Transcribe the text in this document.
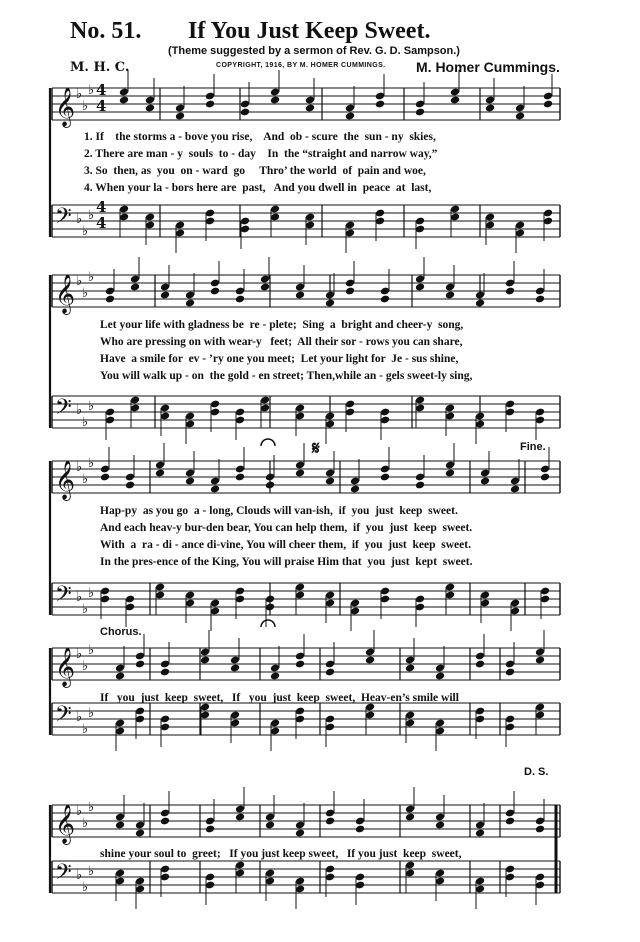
No. 51. If You Just Keep Sweet.
(Theme suggested by a sermon of Rev. G. D. Sampson.)
M. H. C.	COPYRIGHT, 1916, BY M. HOMER CUMMINGS. M. Homer Cummings.
𝄞 ♭
♭
♭
𝄢 ♭
♭
♭
𝄞 ♭
♭
♭
𝄢 ♭
♭
♭
𝄞 ♭
♭
♭
𝄢 ♭
♭
♭
𝄞 ♭
♭
♭
𝄢 ♭
♭
♭
𝄞 ♭
♭
♭
𝄢 ♭
♭
♭
4
4
4
4
1. If    the storms a - bove you rise,    And  ob - scure  the  sun - ny  skies,
2. There are man - y  souls  to - day    In  the “straight and narrow way,”
3. So  then, as  you  on - ward  go     Thro’ the world  of  pain and woe,
4. When your la - bors here are  past,   And you dwell in  peace  at  last,
Let your life with gladness be  re - plete;  Sing  a  bright and cheer-y  song,
Who are pressing on with wear-y   feet;  All their sor - rows you can share,
Have  a smile for  ev - ’ry one you meet;  Let your light for  Je - sus shine,
You will walk up - on  the gold - en street; Then,while an - gels sweet-ly sing,
Hap-py  as you go  a - long, Clouds will van-ish,  if  you  just  keep  sweet.
And each heav-y bur-den bear, You can help them,  if  you  just  keep  sweet.
With  a  ra - di - ance di-vine, You will cheer them,  if  you  just  keep  sweet.
In the pres-ence of the King, You will praise Him that  you  just  kept  sweet.
If   you  just  keep  sweet,   If   you  just  keep  sweet,  Heav-en’s smile will
shine your soul to  greet;   If you just keep sweet,   If you just  keep  sweet,
Fine.
Chorus.
D. S.
𝄋
